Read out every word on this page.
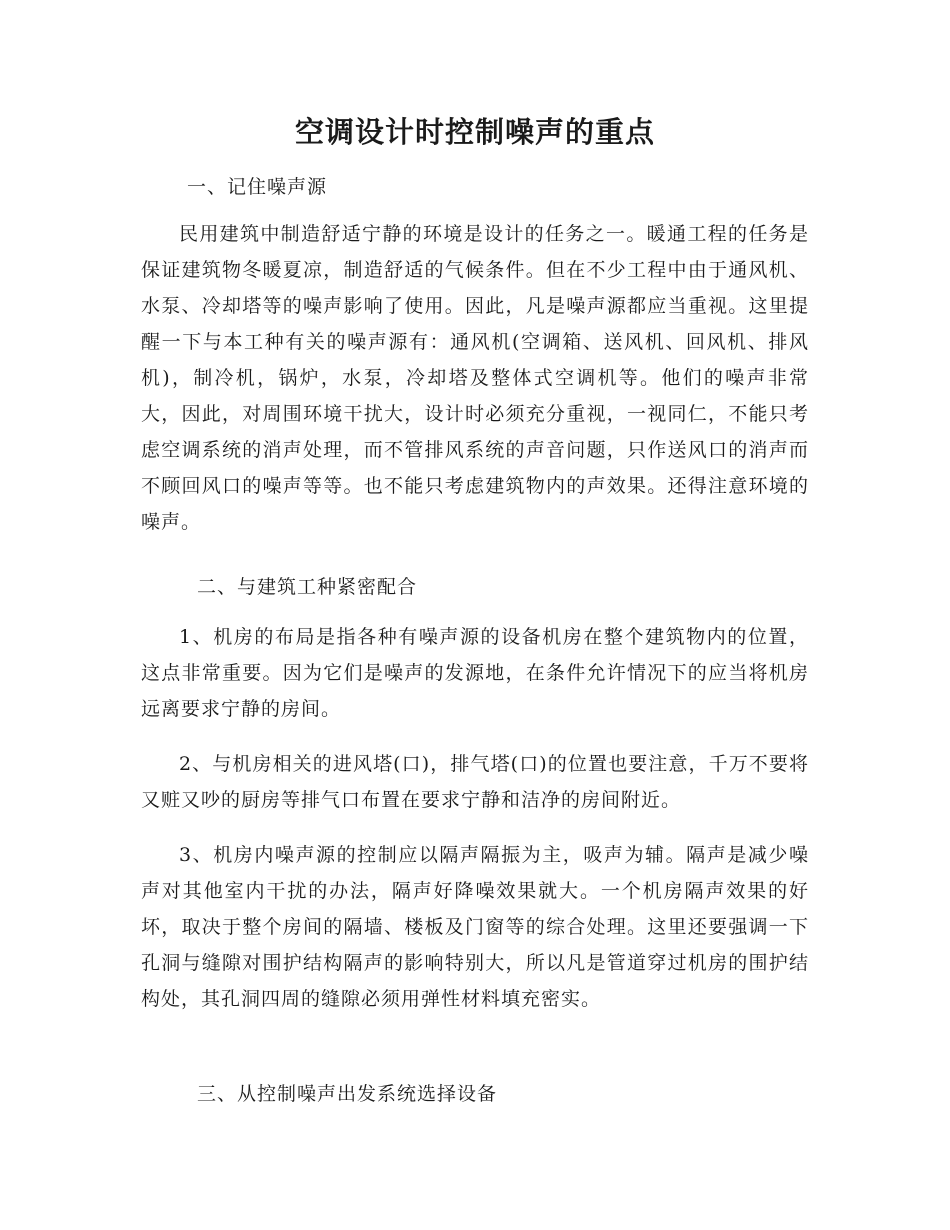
空调设计时控制噪声的重点

一、记住噪声源

民用建筑中制造舒适宁静的环境是设计的任务之一。暖通工程的任务是保证建筑物冬暖夏凉，制造舒适的气候条件。但在不少工程中由于通风机、水泵、冷却塔等的噪声影响了使用。因此，凡是噪声源都应当重视。这里提醒一下与本工种有关的噪声源有：通风机(空调箱、送风机、回风机、排风机)，制冷机，锅炉，水泵，冷却塔及整体式空调机等。他们的噪声非常大，因此，对周围环境干扰大，设计时必须充分重视，一视同仁，不能只考虑空调系统的消声处理，而不管排风系统的声音问题，只作送风口的消声而不顾回风口的噪声等等。也不能只考虑建筑物内的声效果。还得注意环境的噪声。

二、与建筑工种紧密配合

1、机房的布局是指各种有噪声源的设备机房在整个建筑物内的位置，这点非常重要。因为它们是噪声的发源地，在条件允许情况下的应当将机房远离要求宁静的房间。

2、与机房相关的进风塔(口)，排气塔(口)的位置也要注意，千万不要将又赃又吵的厨房等排气口布置在要求宁静和洁净的房间附近。

3、机房内噪声源的控制应以隔声隔振为主，吸声为辅。隔声是减少噪声对其他室内干扰的办法，隔声好降噪效果就大。一个机房隔声效果的好坏，取决于整个房间的隔墙、楼板及门窗等的综合处理。这里还要强调一下孔洞与缝隙对围护结构隔声的影响特别大，所以凡是管道穿过机房的围护结构处，其孔洞四周的缝隙必须用弹性材料填充密实。

三、从控制噪声出发系统选择设备
